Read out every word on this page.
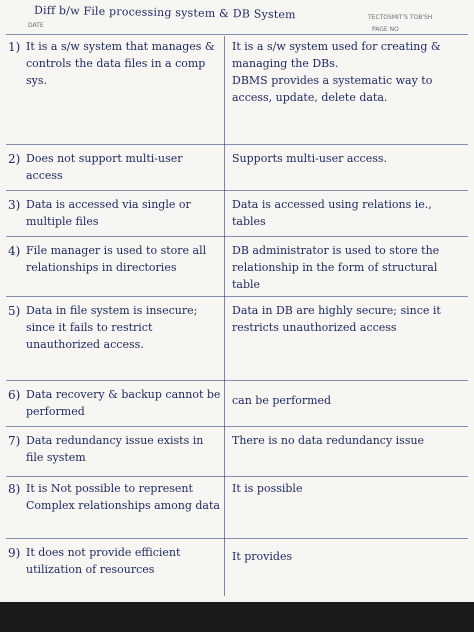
Diff b/w File processing system & DB System
DATE
TECTOSMIT'S TOB'SH
PAGE NO
1) It is a s/w system that manages & controls the data files in a comp sys.
It is a s/w system used for creating & managing the DBs.
DBMS provides a systematic way to access, update, delete data.
2) Does not support multi-user access
Supports multi-user access.
3) Data is accessed via single or multiple files
Data is accessed using relations ie., tables
4) File manager is used to store all relationships in directories
DB administrator is used to store the relationship in the form of structural table
5) Data in file system is insecure; since it fails to restrict unauthorized access.
Data in DB are highly secure; since it restricts unauthorized access
6) Data recovery & backup cannot be performed
can be performed
7) Data redundancy issue exists in file system
There is no data redundancy issue
8) It is Not possible to represent Complex relationships among data
It is possible
9) It does not provide efficient utilization of resources
It provides
